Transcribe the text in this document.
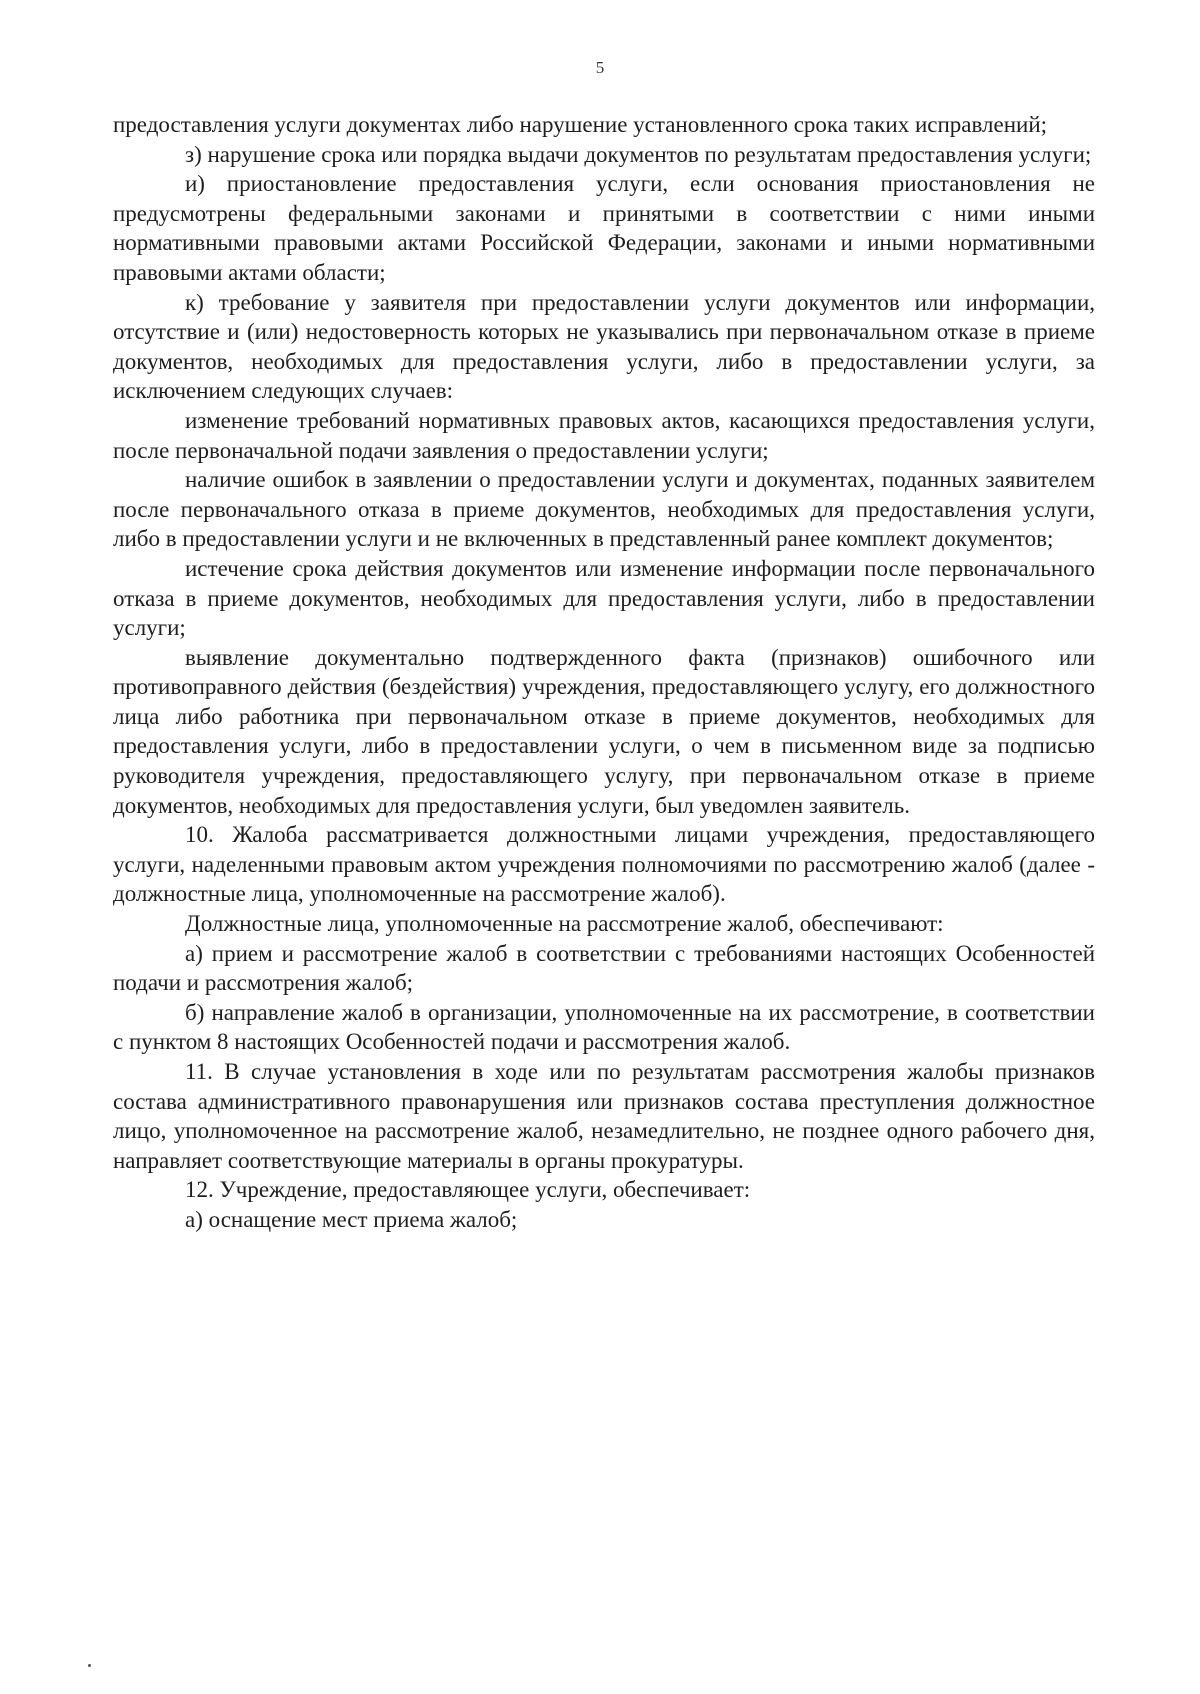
5

предоставления услуги документах либо нарушение установленного срока таких исправлений;

з) нарушение срока или порядка выдачи документов по результатам предоставления услуги;

и) приостановление предоставления услуги, если основания приостановления не предусмотрены федеральными законами и принятыми в соответствии с ними иными нормативными правовыми актами Российской Федерации, законами и иными нормативными правовыми актами области;

к) требование у заявителя при предоставлении услуги документов или информации, отсутствие и (или) недостоверность которых не указывались при первоначальном отказе в приеме документов, необходимых для предоставления услуги, либо в предоставлении услуги, за исключением следующих случаев:

изменение требований нормативных правовых актов, касающихся предоставления услуги, после первоначальной подачи заявления о предоставлении услуги;

наличие ошибок в заявлении о предоставлении услуги и документах, поданных заявителем после первоначального отказа в приеме документов, необходимых для предоставления услуги, либо в предоставлении услуги и не включенных в представленный ранее комплект документов;

истечение срока действия документов или изменение информации после первоначального отказа в приеме документов, необходимых для предоставления услуги, либо в предоставлении услуги;

выявление документально подтвержденного факта (признаков) ошибочного или противоправного действия (бездействия) учреждения, предоставляющего услугу, его должностного лица либо работника при первоначальном отказе в приеме документов, необходимых для предоставления услуги, либо в предоставлении услуги, о чем в письменном виде за подписью руководителя учреждения, предоставляющего услугу, при первоначальном отказе в приеме документов, необходимых для предоставления услуги, был уведомлен заявитель.

10. Жалоба рассматривается должностными лицами учреждения, предоставляющего услуги, наделенными правовым актом учреждения полномочиями по рассмотрению жалоб (далее - должностные лица, уполномоченные на рассмотрение жалоб).

Должностные лица, уполномоченные на рассмотрение жалоб, обеспечивают:

а) прием и рассмотрение жалоб в соответствии с требованиями настоящих Особенностей подачи и рассмотрения жалоб;

б) направление жалоб в организации, уполномоченные на их рассмотрение, в соответствии с пунктом 8 настоящих Особенностей подачи и рассмотрения жалоб.

11. В случае установления в ходе или по результатам рассмотрения жалобы признаков состава административного правонарушения или признаков состава преступления должностное лицо, уполномоченное на рассмотрение жалоб, незамедлительно, не позднее одного рабочего дня, направляет соответствующие материалы в органы прокуратуры.

12. Учреждение, предоставляющее услуги, обеспечивает:

а) оснащение мест приема жалоб;
